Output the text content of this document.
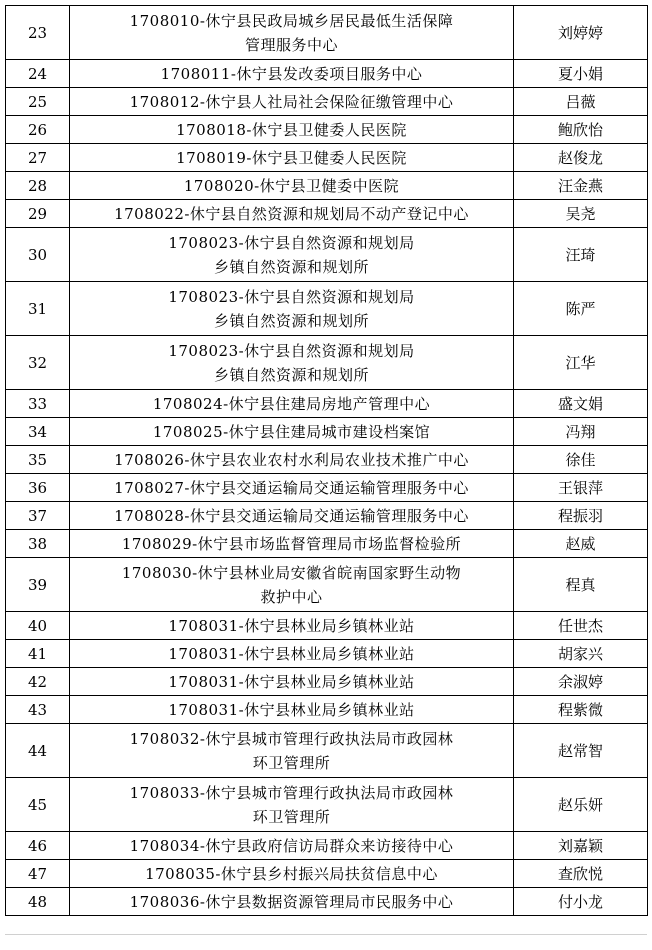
23	1708010-休宁县民政局城乡居民最低生活保障
管理服务中心	刘婷婷
24	1708011-休宁县发改委项目服务中心	夏小娟
25	1708012-休宁县人社局社会保险征缴管理中心	吕薇
26	1708018-休宁县卫健委人民医院	鲍欣怡
27	1708019-休宁县卫健委人民医院	赵俊龙
28	1708020-休宁县卫健委中医院	汪金燕
29	1708022-休宁县自然资源和规划局不动产登记中心	吴尧
30	1708023-休宁县自然资源和规划局
乡镇自然资源和规划所	汪琦
31	1708023-休宁县自然资源和规划局
乡镇自然资源和规划所	陈严
32	1708023-休宁县自然资源和规划局
乡镇自然资源和规划所	江华
33	1708024-休宁县住建局房地产管理中心	盛文娟
34	1708025-休宁县住建局城市建设档案馆	冯翔
35	1708026-休宁县农业农村水利局农业技术推广中心	徐佳
36	1708027-休宁县交通运输局交通运输管理服务中心	王银萍
37	1708028-休宁县交通运输局交通运输管理服务中心	程振羽
38	1708029-休宁县市场监督管理局市场监督检验所	赵威
39	1708030-休宁县林业局安徽省皖南国家野生动物
救护中心	程真
40	1708031-休宁县林业局乡镇林业站	任世杰
41	1708031-休宁县林业局乡镇林业站	胡家兴
42	1708031-休宁县林业局乡镇林业站	余淑婷
43	1708031-休宁县林业局乡镇林业站	程紫微
44	1708032-休宁县城市管理行政执法局市政园林
环卫管理所	赵常智
45	1708033-休宁县城市管理行政执法局市政园林
环卫管理所	赵乐妍
46	1708034-休宁县政府信访局群众来访接待中心	刘嘉颖
47	1708035-休宁县乡村振兴局扶贫信息中心	查欣悦
48	1708036-休宁县数据资源管理局市民服务中心	付小龙
